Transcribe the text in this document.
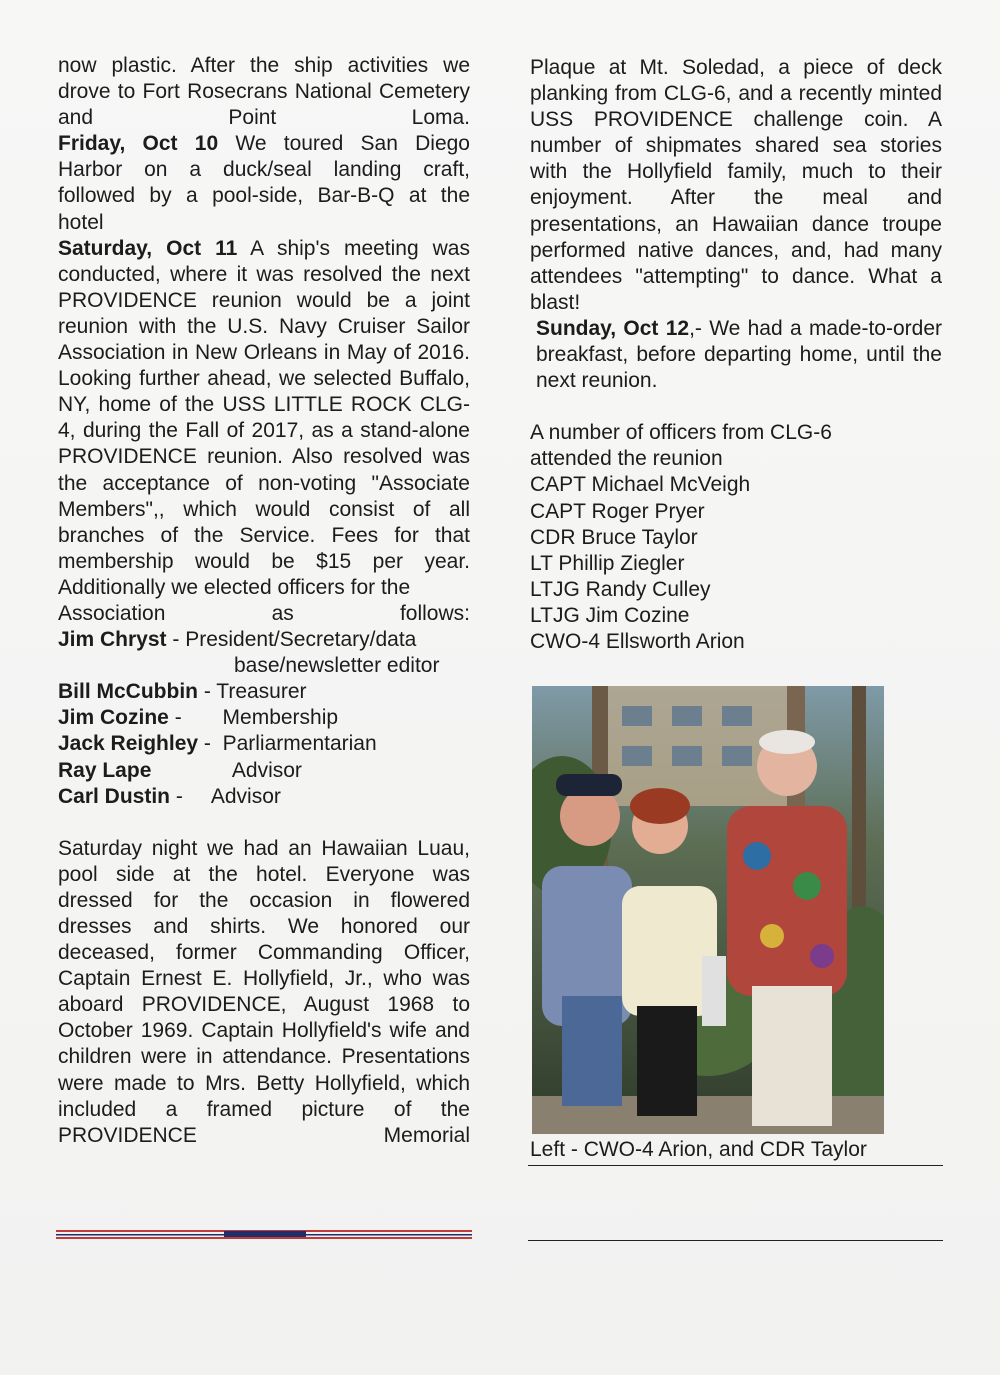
now plastic. After the ship activities we drove to Fort Rosecrans National Cemetery and Point Loma.

Friday, Oct 10 We toured San Diego Harbor on a duck/seal landing craft, followed by a pool-side, Bar-B-Q at the hotel

Saturday, Oct 11 A ship's meeting was conducted, where it was resolved the next PROVIDENCE reunion would be a joint reunion with the U.S. Navy Cruiser Sailor Association in New Orleans in May of 2016. Looking further ahead, we selected Buffalo, NY, home of the USS LITTLE ROCK CLG-4, during the Fall of 2017, as a stand-alone PROVIDENCE reunion. Also resolved was the acceptance of non-voting "Associate Members",, which would consist of all branches of the Service. Fees for that membership would be $15 per year. Additionally we elected officers for the

Association	as	follows:
Jim Chryst - President/Secretary/data
base/newsletter editor
Bill McCubbin - Treasurer
Jim Cozine -       Membership
Jack Reighley -  Parliarmentarian
Ray Lape Advisor
Carl Dustin -     Advisor

Saturday night we had an Hawaiian Luau, pool side at the hotel. Everyone was dressed for the occasion in flowered dresses and shirts. We honored our deceased, former Commanding Officer, Captain Ernest E. Hollyfield, Jr., who was aboard PROVIDENCE, August 1968 to October 1969. Captain Hollyfield's wife and children were in attendance. Presentations were made to Mrs. Betty Hollyfield, which included a framed picture of the PROVIDENCE Memorial

Plaque at Mt. Soledad, a piece of deck planking from CLG-6, and a recently minted USS PROVIDENCE challenge coin. A number of shipmates shared sea stories with the Hollyfield family, much to their enjoyment. After the meal and presentations, an Hawaiian dance troupe performed native dances, and, had many attendees "attempting" to dance. What a blast!

Sunday, Oct 12,- We had a made-to-order breakfast, before departing home, until the next reunion.

A number of officers from CLG-6
attended the reunion
CAPT Michael McVeigh
CAPT Roger Pryer
CDR Bruce Taylor
LT Phillip Ziegler
LTJG Randy Culley
LTJG Jim Cozine
CWO-4 Ellsworth Arion
Left - CWO-4 Arion, and CDR Taylor
